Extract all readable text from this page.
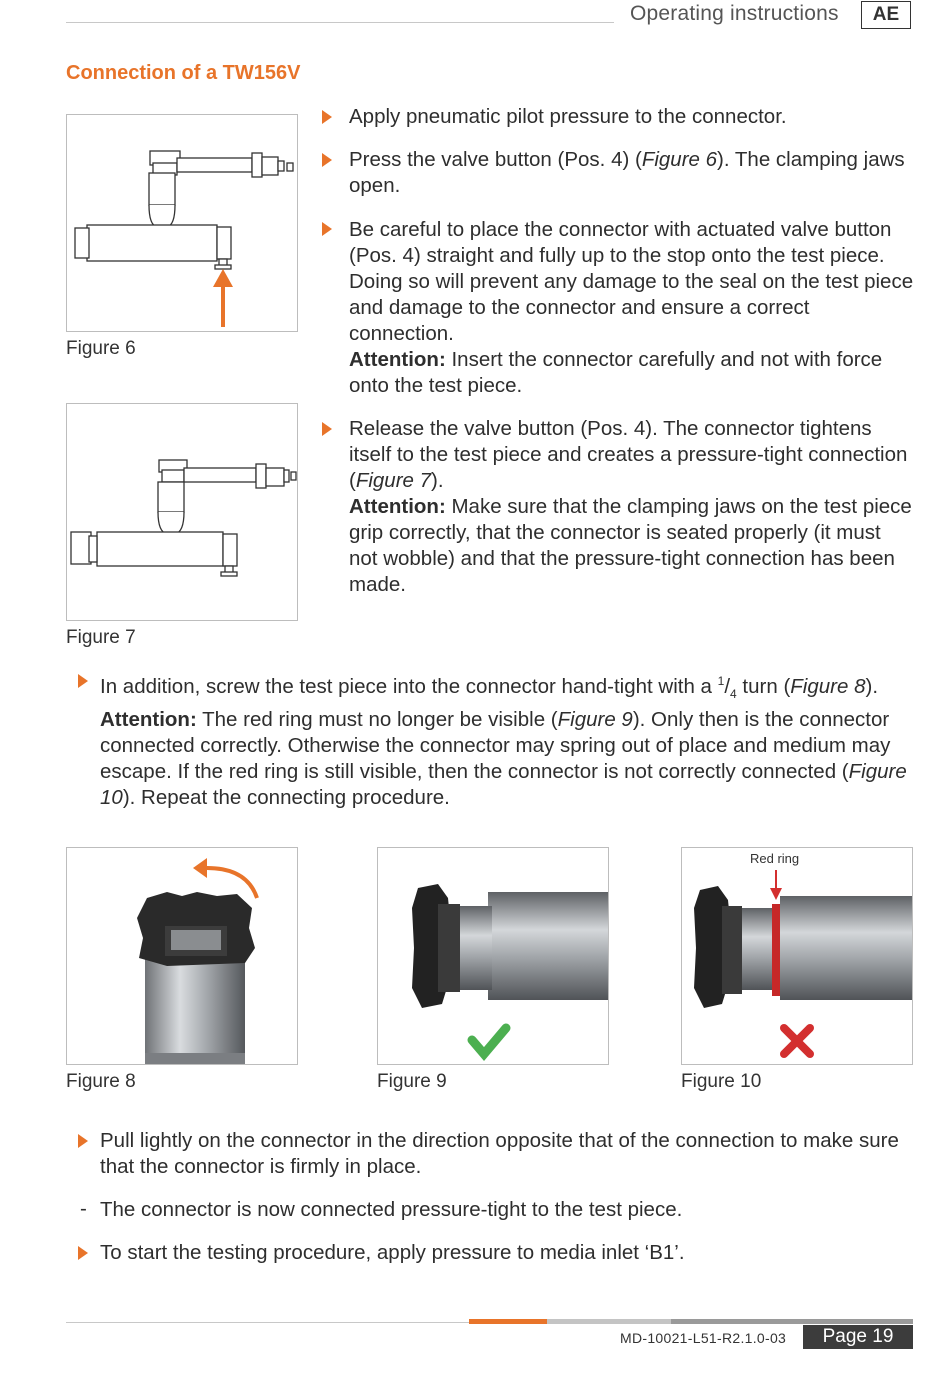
Operating instructions	AE
Connection of a TW156V
Figure 6
Figure 7
Apply pneumatic pilot pressure to the connector.
Press the valve button (Pos. 4) (Figure 6). The clamping jaws open.
Be careful to place the connector with actuated valve button (Pos. 4) straight and fully up to the stop onto the test piece. Doing so will prevent any damage to the seal on the test piece and damage to the connector and ensure a correct connection.
Attention: Insert the connector carefully and not with force onto the test piece.
Release the valve button (Pos. 4). The connector tightens itself to the test piece and creates a pressure-tight connection (Figure 7).
Attention: Make sure that the clamping jaws on the test piece grip correctly, that the connector is seated properly (it must not wobble) and that the pressure-tight connection has been made.
In addition, screw the test piece into the connector hand-tight with a $^1/_4$ turn (Figure 8).
Attention: The red ring must no longer be visible (Figure 9). Only then is the connector connected correctly. Otherwise the connector may spring out of place and medium may escape. If the red ring is still visible, then the connector is not correctly connected (Figure 10). Repeat the connecting procedure.
Figure 8	Figure 9
Red ring
Figure 10
Pull lightly on the connector in the direction opposite that of the connection to make sure that the connector is firmly in place.
- The connector is now connected pressure-tight to the test piece.
To start the testing procedure, apply pressure to media inlet ‘B1’.
MD-10021-L51-R2.1.0-03	Page 19
